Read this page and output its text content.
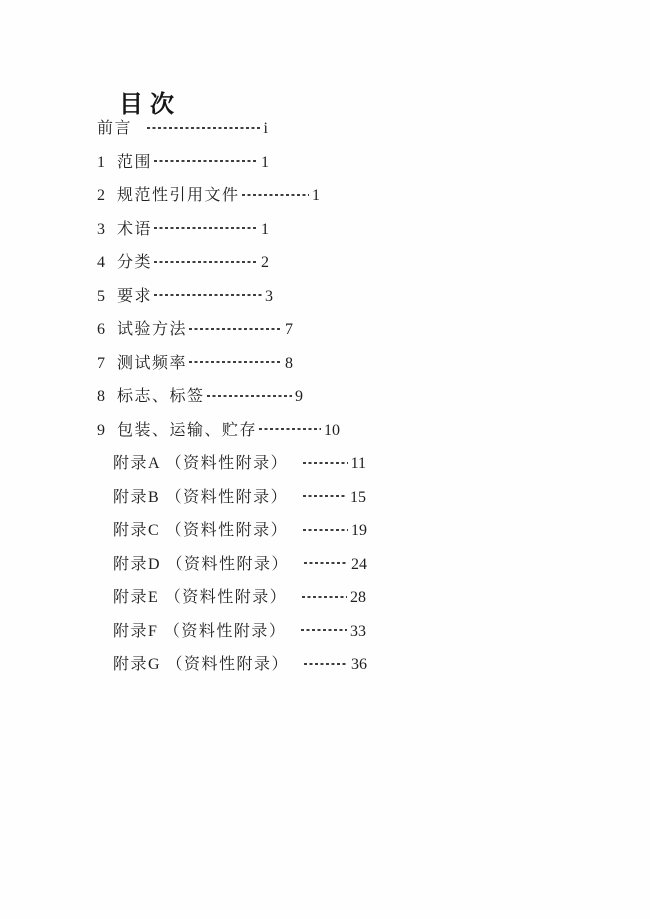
目次
前言	i
1 范围	1
2 规范性引用文件	1
3 术语	1
4 分类	2
5 要求	3
6 试验方法	7
7 测试频率	8
8 标志、标签	9
9 包装、运输、贮存	10
附录A （资料性附录）	11
附录B （资料性附录）	15
附录C （资料性附录）	19
附录D （资料性附录）	24
附录E （资料性附录）	28
附录F （资料性附录）	33
附录G （资料性附录）	36
